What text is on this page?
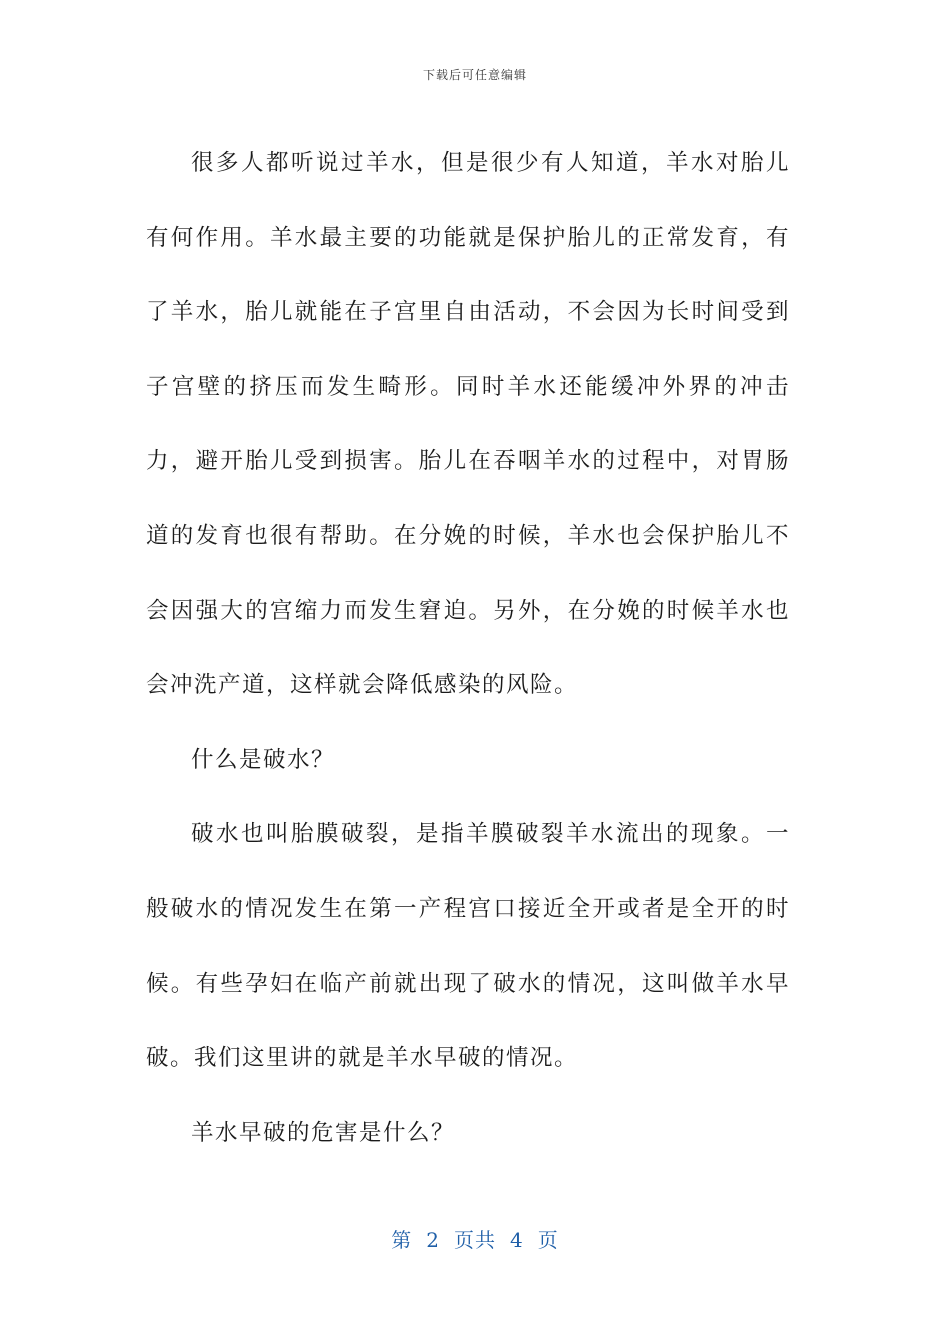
下载后可任意编辑

很多人都听说过羊水，但是很少有人知道，羊水对胎儿有何作用。羊水最主要的功能就是保护胎儿的正常发育，有了羊水，胎儿就能在子宫里自由活动，不会因为长时间受到子宫壁的挤压而发生畸形。同时羊水还能缓冲外界的冲击力，避开胎儿受到损害。胎儿在吞咽羊水的过程中，对胃肠道的发育也很有帮助。在分娩的时候，羊水也会保护胎儿不会因强大的宫缩力而发生窘迫。另外，在分娩的时候羊水也会冲洗产道，这样就会降低感染的风险。

什么是破水？

破水也叫胎膜破裂，是指羊膜破裂羊水流出的现象。一般破水的情况发生在第一产程宫口接近全开或者是全开的时候。有些孕妇在临产前就出现了破水的情况，这叫做羊水早破。我们这里讲的就是羊水早破的情况。

羊水早破的危害是什么？

第 2 页共 4 页
